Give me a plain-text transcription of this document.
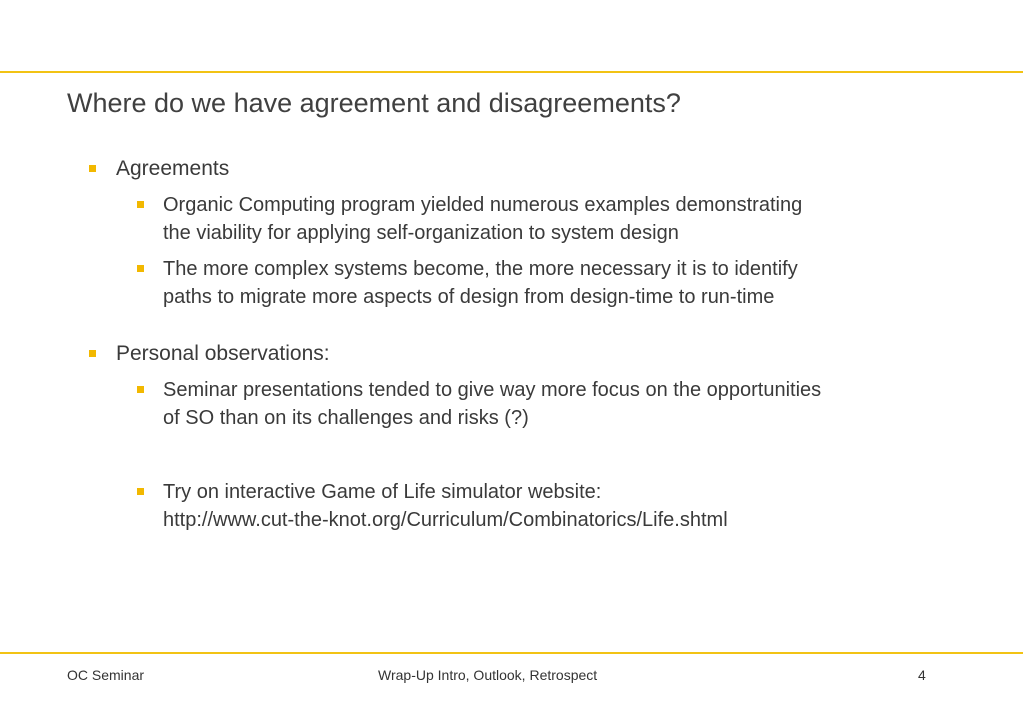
Where do we have agreement and disagreements?
Agreements
Organic Computing program yielded numerous examples demonstrating
the viability for applying self-organization to system design
The more complex systems become, the more necessary it is to identify
paths to migrate more aspects of design from design-time to run-time
Personal observations:
Seminar presentations tended to give way more focus on the opportunities
of SO than on its challenges and risks (?)
Try on interactive Game of Life simulator website:
http://www.cut-the-knot.org/Curriculum/Combinatorics/Life.shtml
OC Seminar	Wrap-Up Intro, Outlook, Retrospect	4
